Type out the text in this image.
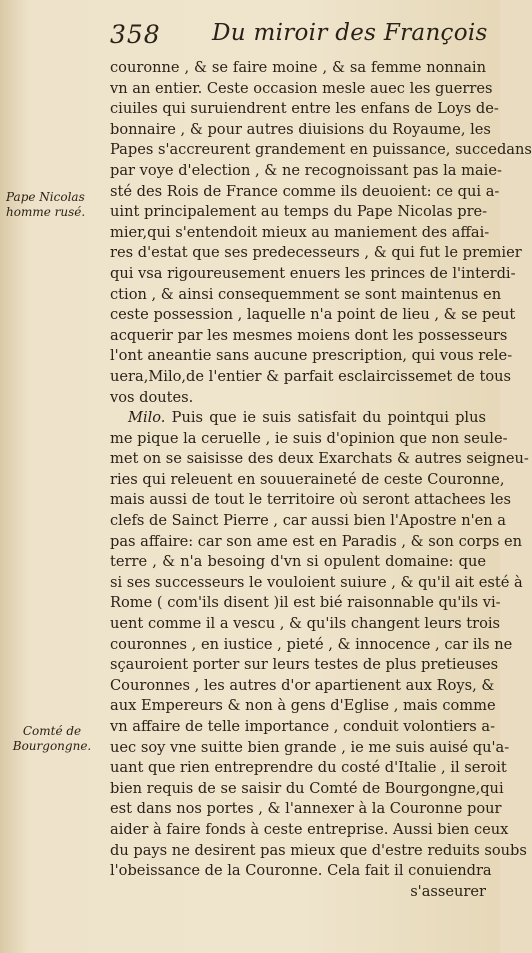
358 Du miroir des François
Pape Nicolas
homme rusé.
Comté de
Bourgongne.
couronne , & se faire moine , & sa femme nonnain
vn an entier. Ceste occasion mesle auec les guerres
ciuiles qui suruiendrent entre les enfans de Loys de-
bonnaire , & pour autres diuisions du Royaume, les
Papes s'accreurent grandement en puissance, succedans
par voye d'election , & ne recognoissant pas la maie-
sté des Rois de France comme ils deuoient: ce qui a-
uint principalement au temps du Pape Nicolas pre-
mier,qui s'entendoit mieux au maniement des affai-
res d'estat que ses predecesseurs , & qui fut le premier
qui vsa rigoureusement enuers les princes de l'interdi-
ction , & ainsi consequemment se sont maintenus en
ceste possession , laquelle n'a point de lieu , & se peut
acquerir par les mesmes moiens dont les possesseurs
l'ont aneantie sans aucune prescription, qui vous rele-
uera,Milo,de l'entier & parfait esclaircissemet de tous
vos doutes.
Milo. Puis que ie suis satisfait du pointqui plus
me pique la ceruelle , ie suis d'opinion que non seule-
met on se saisisse des deux Exarchats & autres seigneu-
ries qui releuent en souueraineté de ceste Couronne,
mais aussi de tout le territoire où seront attachees les
clefs de Sainct Pierre , car aussi bien l'Apostre n'en a
pas affaire: car son ame est en Paradis , & son corps en
terre , & n'a besoing d'vn si opulent domaine: que
si ses successeurs le vouloient suiure , & qu'il ait esté à
Rome ( com'ils disent )il est bié raisonnable qu'ils vi-
uent comme il a vescu , & qu'ils changent leurs trois
couronnes , en iustice , pieté , & innocence , car ils ne
sçauroient porter sur leurs testes de plus pretieuses
Couronnes , les autres d'or apartienent aux Roys, &
aux Empereurs & non à gens d'Eglise , mais comme
vn affaire de telle importance , conduit volontiers a-
uec soy vne suitte bien grande , ie me suis auisé qu'a-
uant que rien entreprendre du costé d'Italie , il seroit
bien requis de se saisir du Comté de Bourgongne,qui
est dans nos portes , & l'annexer à la Couronne pour
aider à faire fonds à ceste entreprise. Aussi bien ceux
du pays ne desirent pas mieux que d'estre reduits soubs
l'obeissance de la Couronne. Cela fait il conuiendra
s'asseurer
